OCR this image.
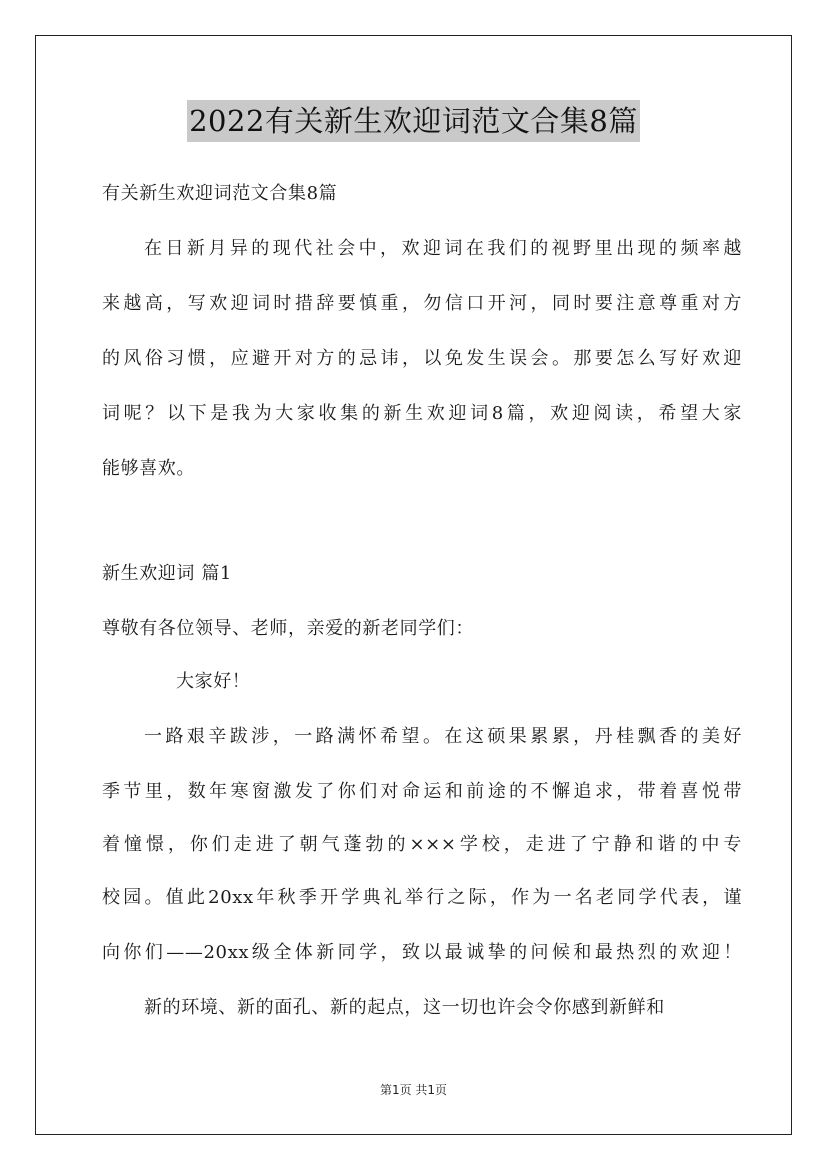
2022有关新生欢迎词范文合集8篇
有关新生欢迎词范文合集8篇
在日新月异的现代社会中，欢迎词在我们的视野里出现的频率越
来越高，写欢迎词时措辞要慎重，勿信口开河，同时要注意尊重对方
的风俗习惯，应避开对方的忌讳，以免发生误会。那要怎么写好欢迎
词呢？以下是我为大家收集的新生欢迎词8篇，欢迎阅读，希望大家
能够喜欢。
新生欢迎词 篇1
尊敬有各位领导、老师，亲爱的新老同学们：
大家好！
一路艰辛跋涉，一路满怀希望。在这硕果累累，丹桂飘香的美好
季节里，数年寒窗激发了你们对命运和前途的不懈追求，带着喜悦带
着憧憬，你们走进了朝气蓬勃的×××学校，走进了宁静和谐的中专
校园。值此20xx年秋季开学典礼举行之际，作为一名老同学代表，谨
向你们——20xx级全体新同学，致以最诚挚的问候和最热烈的欢迎！
新的环境、新的面孔、新的起点，这一切也许会令你感到新鲜和
第1页 共1页
